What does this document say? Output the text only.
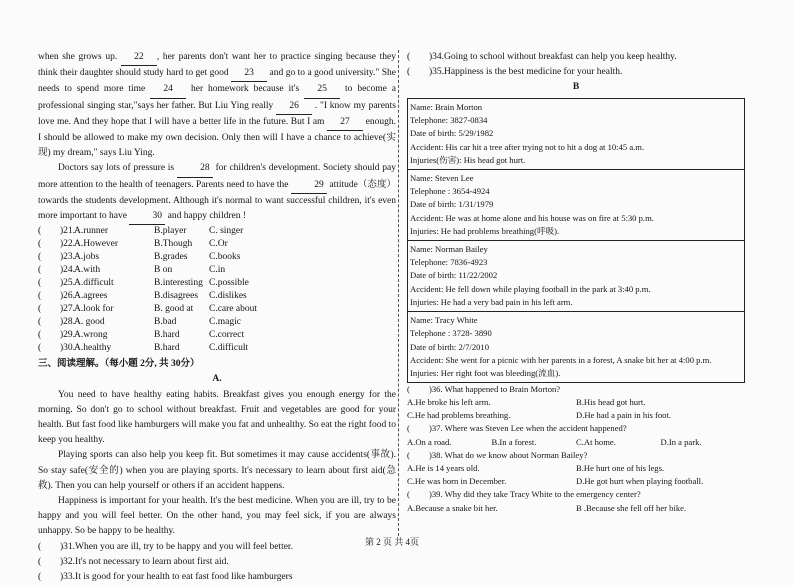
when she grows up. 22 , her parents don't want her to practice singing because they think their daughter should study hard to get good 23 and go to a good university." She needs to spend more time 24 her homework because it's 25 to become a professional singing star,"says her father. But Liu Ying really 26 . "I know my parents love me. And they hope that I will have a better life in the future. But I am 27 enough. I should be allowed to make my own decision. Only then will I have a chance to achieve(实现) my dream," says Liu Ying.

Doctors say lots of pressure is 28 for children's development. Society should pay more attention to the health of teenagers. Parents need to have the 29 attitude（态度） towards the students development. Although it's normal to want successful children, it's even more important to have 30 and happy children !

(	)21.
A.runner	B.player	C. singer
(	)22.
A.However	B.Though	C.Or
(	)23.
A.jobs	B.grades	C.books
(	)24.
A.with	B on	C.in
(	)25.
A.difficult	B.interesting C.possible
(	)26.
A.agrees	B.disagrees	C.dislikes
(	)27.
A.look for	B. good at	C.care about
(	)28.
A. good	B.bad	C.magic
(	)29.
A.wrong	B.hard	C.correct
(	)30.
A.healthy	B.hard	C.difficult
三、阅读理解。（每小题 2分, 共 30分）
A.

You need to have healthy eating habits. Breakfast gives you enough energy for the morning. So don't go to school without breakfast. Fruit and vegetables are good for your health. But fast food like hamburgers will make you fat and unhealthy. So eat the right food to keep you healthy.

Playing sports can also help you keep fit. But sometimes it may cause accidents(事故). So stay safe(安全的) when you are playing sports. It's necessary to learn about first aid(急救). Then you can help yourself or others if an accident happens.

Happiness is important for your health. It's the best medicine. When you are ill, try to be happy and you will feel better. On the other hand, you may feel sick, if you are always unhappy. So be happy to be healthy.

(	)31.When you are ill, try to be happy and you will feel better.
(	)32.It's not necessary to learn about first aid.
(	)33.It is good for your health to eat fast food like hamburgers
(	)34.Going to school without breakfast can help you keep healthy.
(	)35.Happiness is the best medicine for your health.
B
Name: Brain Morton
Telephone: 3827-0834
Date of birth: 5/29/1982
Accident: His car hit a tree after trying not to hit a dog at 10:45 a.m.
Injuries(伤害): His head got hurt.
Name: Steven Lee
Telephone : 3654-4924
Date of birth: 1/31/1979
Accident: He was at home alone and his house was on fire at 5:30 p.m.
Injuries: He had problems breathing(呼吸).
Name: Norman Bailey
Telephone: 7836-4923
Date of birth: 11/22/2002
Accident: He fell down while playing football in the park at 3:40 p.m.
Injuries: He had a very bad pain in his left arm.
Name: Tracy White
Telephone : 3728- 3890
Date of birth: 2/7/2010
Accident: She went for a picnic with her parents in a forest, A snake bit her at 4:00 p.m.
Injuries: Her right foot was bleeding(流血).
(	)36. What happened to Brain Morton?
A.He broke his left arm.	B.His head got hurt.
C.He had problems breathing.	D.He had a pain in his foot.
(	)37. Where was Steven Lee when the accident happened?
A.On a road.	B.In a forest.	C.At home.	D.In a park.
(	)38. What do we know about Norman Bailey?
A.He is 14 years old.	B.He hurt one of his legs.
C.He was born in December.	D.He got hurt when playing football.
(	)39. Why did they take Tracy White to the emergency center?
A.Because a snake bit her.	B .Because she fell off her bike.
第 2 页 共 4页
